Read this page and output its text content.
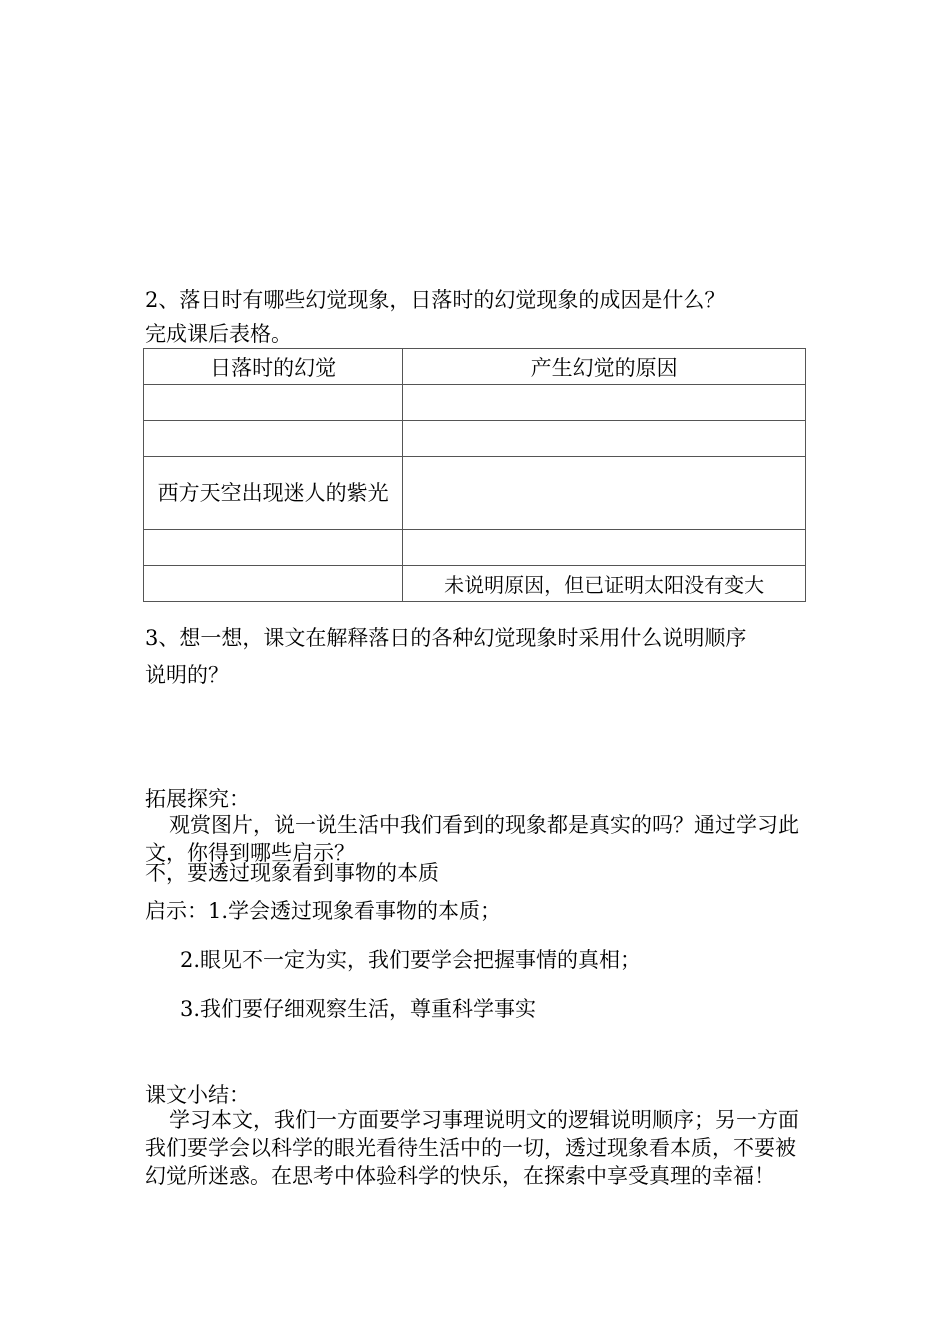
2、落日时有哪些幻觉现象，日落时的幻觉现象的成因是什么？
完成课后表格。
日落时的幻觉	产生幻觉的原因

西方天空出现迷人的紫光	

	未说明原因，但已证明太阳没有变大
3、想一想，课文在解释落日的各种幻觉现象时采用什么说明顺序
说明的？
拓展探究：
观赏图片，说一说生活中我们看到的现象都是真实的吗？通过学习此文，你得到哪些启示？
不，要透过现象看到事物的本质
启示：1.学会透过现象看事物的本质；
2.眼见不一定为实，我们要学会把握事情的真相；
3.我们要仔细观察生活，尊重科学事实
课文小结：
学习本文，我们一方面要学习事理说明文的逻辑说明顺序；另一方面我们要学会以科学的眼光看待生活中的一切，透过现象看本质，不要被幻觉所迷惑。在思考中体验科学的快乐，在探索中享受真理的幸福！
